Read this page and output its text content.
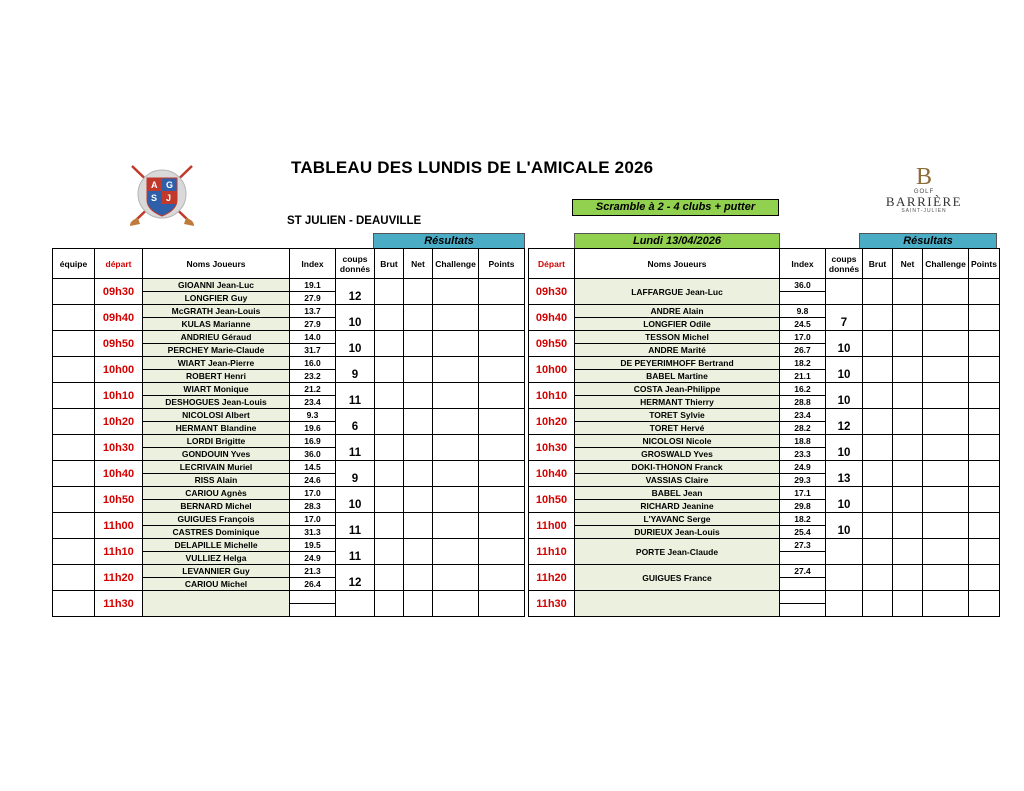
A G
S J
TABLEAU DES LUNDIS DE L'AMICALE 2026	B
GOLF
BARRIÈRE
SAINT-JULIEN
Scramble à 2 - 4 clubs + putter
ST JULIEN - DEAUVILLE
Résultats	Lundi 13/04/2026	Résultats
équipe	départ	Noms Joueurs	Index	coups donnés	Brut	Net	Challenge	Points		Départ	Noms Joueurs	Index	coups donnés	Brut	Net	Challenge	Points
	09h30	GIOANNI Jean-Luc	19.1	12						09h30	LAFFARGUE Jean-Luc	36.0					
		LONGFIER Guy	27.9														
	09h40	McGRATH Jean-Louis	13.7	10						09h40	ANDRE Alain	9.8	7				
		KULAS Marianne	27.9								LONGFIER Odile	24.5					
	09h50	ANDRIEU Géraud	14.0	10						09h50	TESSON Michel	17.0	10				
		PERCHEY Marie-Claude	31.7								ANDRE Marité	26.7					
	10h00	WIART Jean-Pierre	16.0	9						10h00	DE PEYERIMHOFF Bertrand	18.2	10				
		ROBERT Henri	23.2								BABEL Martine	21.1					
	10h10	WIART Monique	21.2	11						10h10	COSTA Jean-Philippe	16.2	10				
		DESHOGUES Jean-Louis	23.4								HERMANT Thierry	28.8					
	10h20	NICOLOSI Albert	9.3	6						10h20	TORET Sylvie	23.4	12				
		HERMANT Blandine	19.6								TORET Hervé	28.2					
	10h30	LORDI Brigitte	16.9	11						10h30	NICOLOSI Nicole	18.8	10				
		GONDOUIN Yves	36.0								GROSWALD Yves	23.3					
	10h40	LECRIVAIN Muriel	14.5	9						10h40	DOKI-THONON Franck	24.9	13				
		RISS Alain	24.6								VASSIAS Claire	29.3					
	10h50	CARIOU Agnès	17.0	10						10h50	BABEL Jean	17.1	10				
		BERNARD Michel	28.3								RICHARD Jeanine	29.8					
	11h00	GUIGUES François	17.0	11						11h00	L'YAVANC Serge	18.2	10				
		CASTRES Dominique	31.3								DURIEUX Jean-Louis	25.4					
	11h10	DELAPILLE Michelle	19.5	11						11h10	PORTE Jean-Claude	27.3					
		VULLIEZ Helga	24.9														
	11h20	LEVANNIER Guy	21.3	12						11h20	GUIGUES France	27.4					
		CARIOU Michel	26.4														
	11h30									11h30							
